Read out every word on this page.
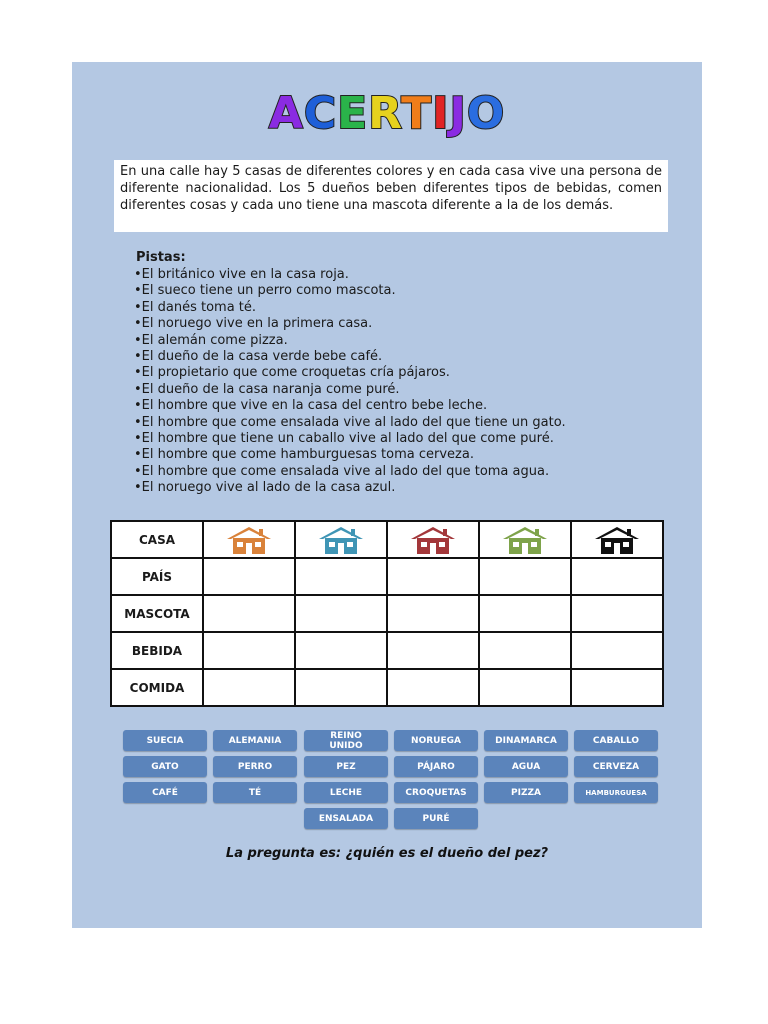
ACERTIJO
En una calle hay 5 casas de diferentes colores y en cada casa vive una persona de diferente nacionalidad. Los 5 dueños beben diferentes tipos de bebidas, comen diferentes cosas y cada uno tiene una mascota diferente a la de los demás.
Pistas:
•El británico vive en la casa roja.
•El sueco tiene un perro como mascota.
•El danés toma té.
•El noruego vive en la primera casa.
•El alemán come pizza.
•El dueño de la casa verde bebe café.
•El propietario que come croquetas cría pájaros.
•El dueño de la casa naranja come puré.
•El hombre que vive en la casa del centro bebe leche.
•El hombre que come ensalada vive al lado del que tiene un gato.
•El hombre que tiene un caballo vive al lado del que come puré.
•El hombre que come hamburguesas toma cerveza.
•El hombre que come ensalada vive al lado del que toma agua.
•El noruego vive al lado de la casa azul.
CASA					
PAÍS					
MASCOTA					
BEBIDA					
COMIDA					
SUECIA	ALEMANIA	REINO UNIDO	NORUEGA	DINAMARCA	CABALLO
GATO	PERRO	PEZ	PÁJARO	AGUA	CERVEZA
CAFÉ	TÉ	LECHE	CROQUETAS	PIZZA	HAMBURGUESA
ENSALADA	PURÉ
La pregunta es: ¿quién es el dueño del pez?
